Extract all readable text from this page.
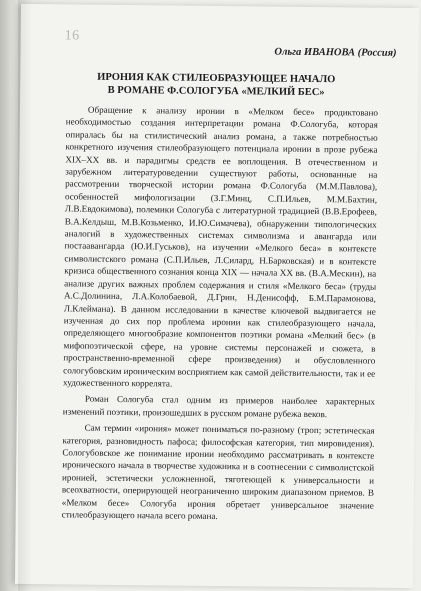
16
Ольга ИВАНОВА (Россия)
ИРОНИЯ КАК СТИЛЕОБРАЗУЮЩЕЕ НАЧАЛО
В РОМАНЕ Ф.СОЛОГУБА «МЕЛКИЙ БЕС»

Обращение к анализу иронии в «Мелком бесе» продиктовано необходимостью создания интерпретации романа Ф.Сологуба, которая опиралась бы на стилистический анализ романа, а также потребностью конкретного изучения стилеобразующего потенциала иронии в прозе рубежа XIX–XX вв. и парадигмы средств ее воплощения. В отечественном и зарубежном литературоведении существуют работы, основанные на рассмотрении творческой истории романа Ф.Сологуба (М.М.Павлова), особенностей мифологизации (З.Г.Минц, С.П.Ильев, М.М.Бахтин, Л.В.Евдокимова), полемики Сологуба с литературной традицией (В.В.Ерофеев, В.А.Келдыш, М.В.Козьменко, И.Ю.Симачева), обнаружении типологических аналогий в художественных системах символизма и авангарда или постаавангарда (Ю.И.Гуськов), на изучении «Мелкого беса» в контексте символистского романа (С.П.Ильев, Л.Силард, Н.Барковская) и в контексте кризиса общественного сознания конца XIX — начала XX вв. (В.А.Мескин), на анализе других важных проблем содержания и стиля «Мелкого беса» (труды А.С.Долинина, Л.А.Колобаевой, Д.Грин, Н.Денисофф, Б.М.Парамонова, Л.Клеймана). В данном исследовании в качестве ключевой выдвигается не изученная до сих пор проблема иронии как стилеобразующего начала, определяющего многообразие компонентов поэтики романа «Мелкий бес» (в мифопоэтической сфере, на уровне системы персонажей и сюжета, в пространственно-временной сфере произведения) и обусловленного сологубовским ироническим восприятием как самой действительности, так и ее художественного коррелята.

Роман Сологуба стал одним из примеров наиболее характерных изменений поэтики, произошедших в русском романе рубежа веков.

Сам термин «ирония» может пониматься по-разному (троп; эстетическая категория, разновидность пафоса; философская категория, тип мировидения). Сологубовское же понимание иронии необходимо рассматривать в контексте иронического начала в творчестве художника и в соотнесении с символистской иронией, эстетически усложненной, тяготеющей к универсальности и всеохватности, оперирующей неограниченно широким диапазоном приемов. В «Мелком бесе» Сологуба ирония обретает универсальное значение стилеобразующего начала всего романа.
